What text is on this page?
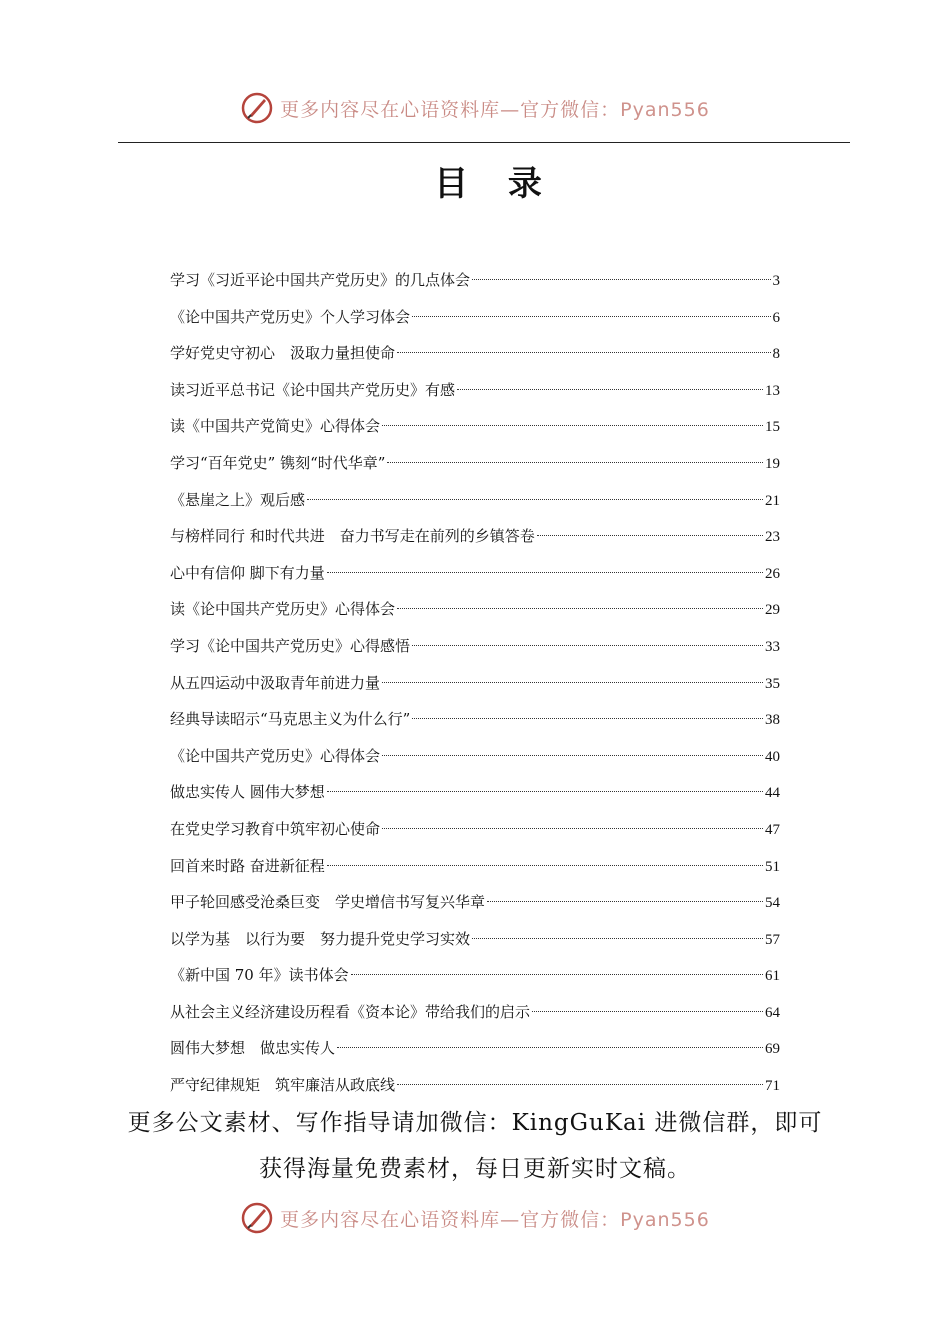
更多内容尽在心语资料库—官方微信：Pyan556
目 录
学习《习近平论中国共产党历史》的几点体会	3
《论中国共产党历史》个人学习体会	6
学好党史守初心　汲取力量担使命	8
读习近平总书记《论中国共产党历史》有感	13
读《中国共产党简史》心得体会	15
学习“百年党史” 镌刻“时代华章”	19
《悬崖之上》观后感	21
与榜样同行 和时代共进　奋力书写走在前列的乡镇答卷	23
心中有信仰 脚下有力量	26
读《论中国共产党历史》心得体会	29
学习《论中国共产党历史》心得感悟	33
从五四运动中汲取青年前进力量	35
经典导读昭示“马克思主义为什么行”	38
《论中国共产党历史》心得体会	40
做忠实传人 圆伟大梦想	44
在党史学习教育中筑牢初心使命	47
回首来时路 奋进新征程	51
甲子轮回感受沧桑巨变　学史增信书写复兴华章	54
以学为基　以行为要　努力提升党史学习实效	57
《新中国 70 年》读书体会	61
从社会主义经济建设历程看《资本论》带给我们的启示	64
圆伟大梦想　做忠实传人	69
严守纪律规矩　筑牢廉洁从政底线	71
更多公文素材、写作指导请加微信：KingGuKai 进微信群，即可
获得海量免费素材，每日更新实时文稿。
更多内容尽在心语资料库—官方微信：Pyan556
